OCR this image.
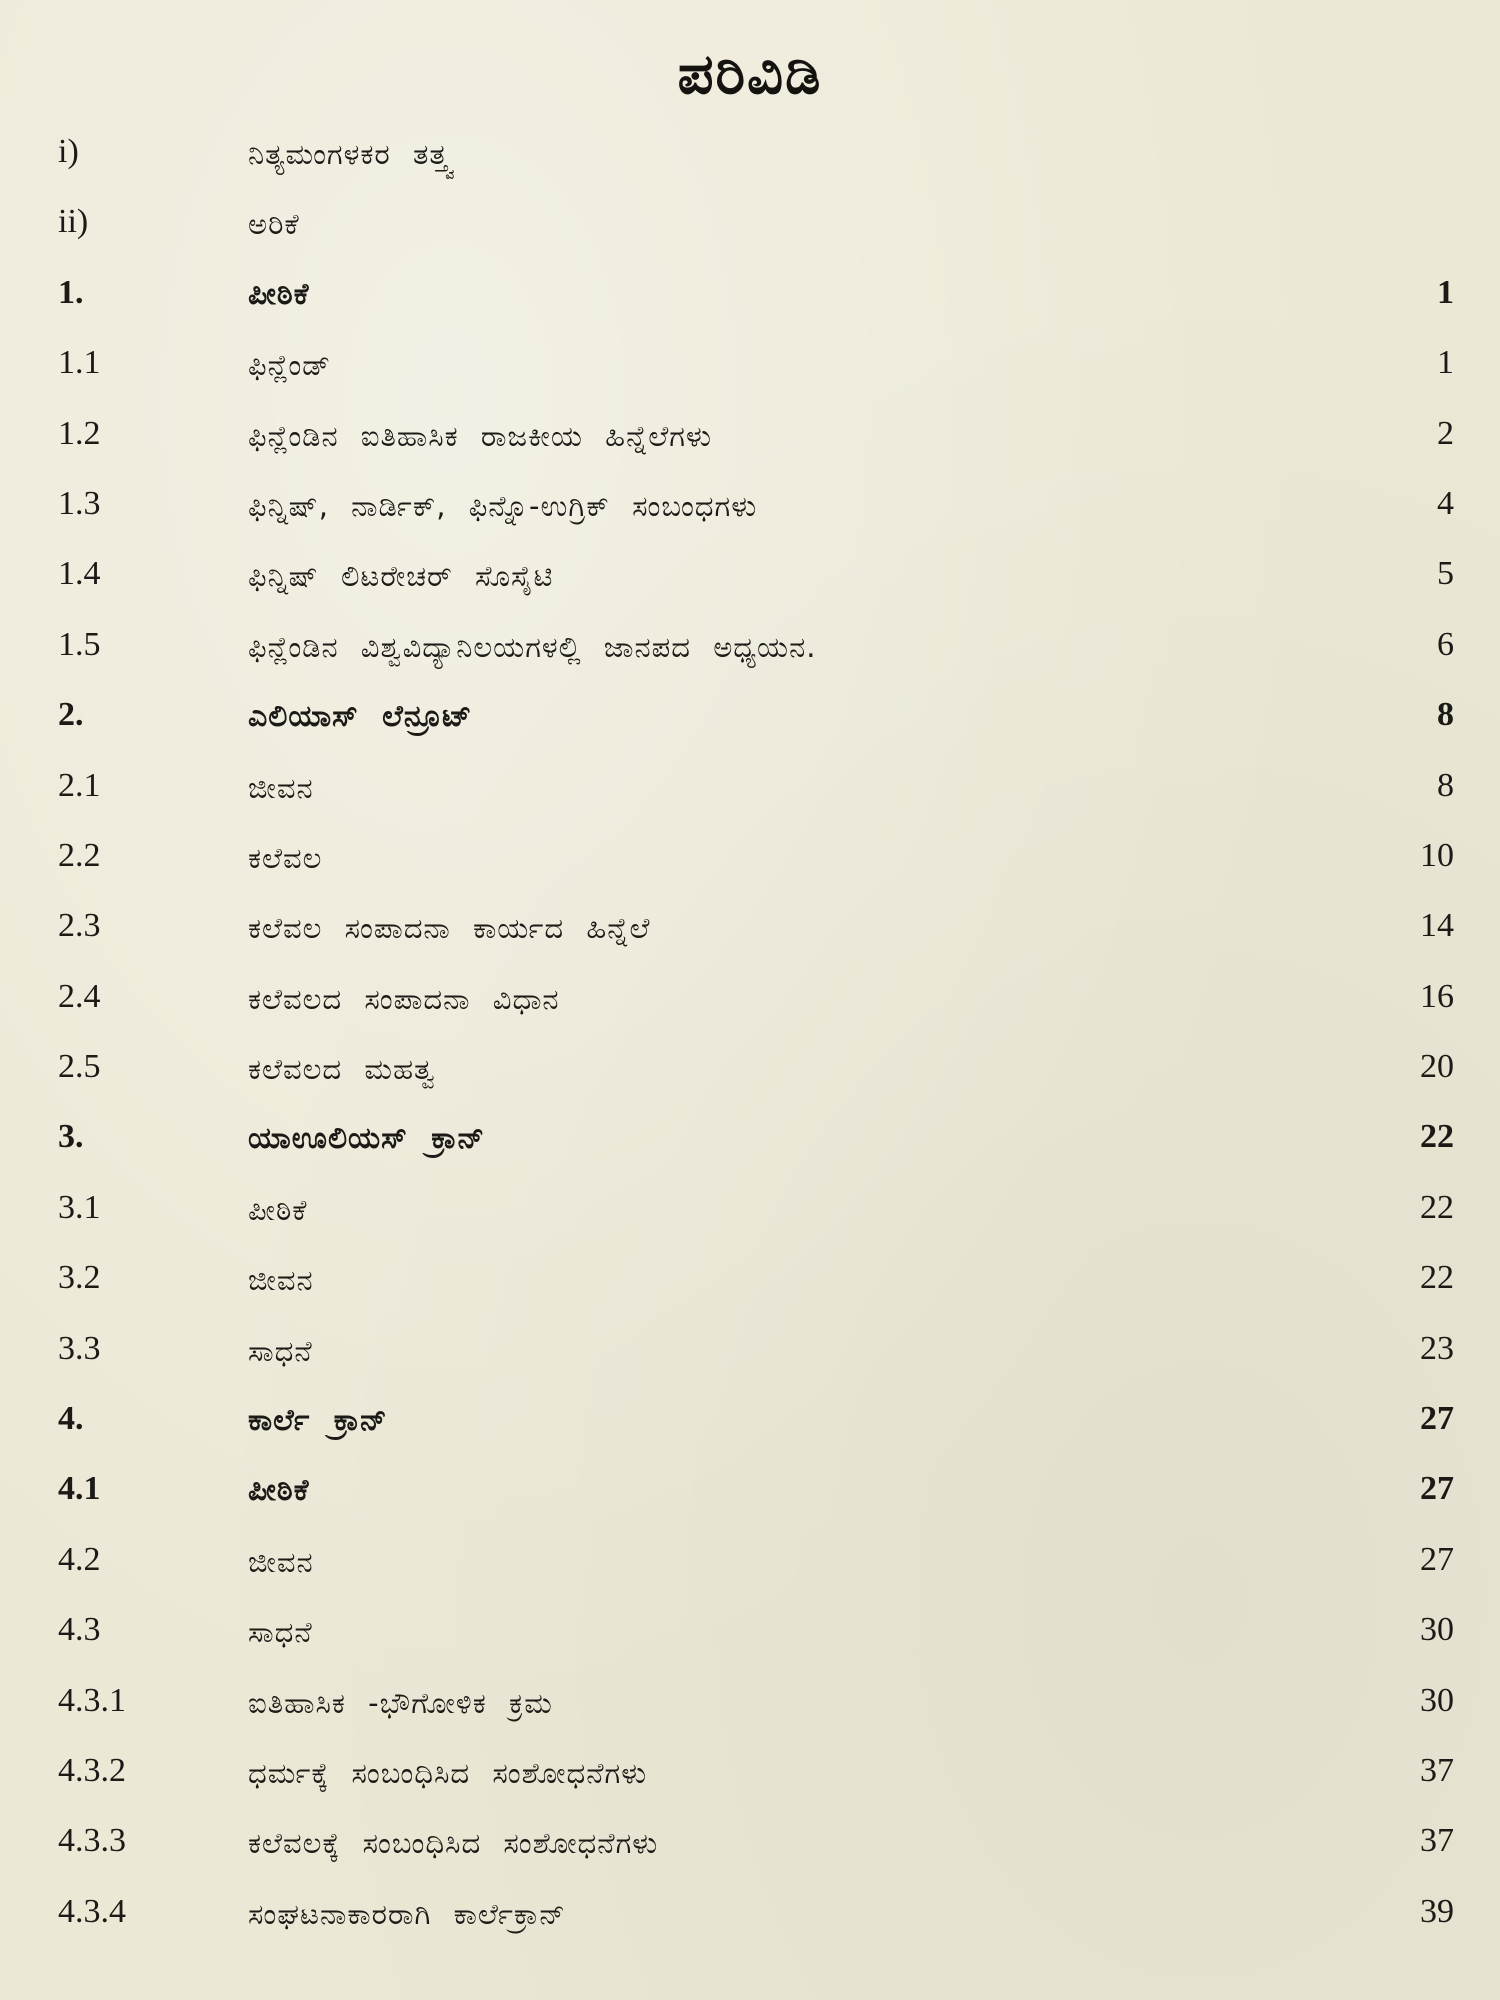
ಪರಿವಿಡಿ
i)	ನಿತ್ಯಮಂಗಳಕರ ತತ್ತ್ವ
ii)	ಅರಿಕೆ
1.	ಪೀಠಿಕೆ	1
1.1	ಫಿನ್ಲೆಂಡ್	1
1.2	ಫಿನ್ಲೆಂಡಿನ ಐತಿಹಾಸಿಕ ರಾಜಕೀಯ ಹಿನ್ನೆಲೆಗಳು	2
1.3	ಫಿನ್ನಿಷ್, ನಾರ್ಡಿಕ್, ಫಿನ್ನೊ-ಉಗ್ರಿಕ್ ಸಂಬಂಧಗಳು	4
1.4	ಫಿನ್ನಿಷ್ ಲಿಟರೇಚರ್ ಸೊಸೈಟಿ	5
1.5	ಫಿನ್ಲೆಂಡಿನ ವಿಶ್ವವಿದ್ಯಾನಿಲಯಗಳಲ್ಲಿ ಜಾನಪದ ಅಧ್ಯಯನ.	6
2.	ಎಲಿಯಾಸ್ ಲೆನ್ರೂಟ್	8
2.1	ಜೀವನ	8
2.2	ಕಲೆವಲ	10
2.3	ಕಲೆವಲ ಸಂಪಾದನಾ ಕಾರ್ಯದ ಹಿನ್ನೆಲೆ	14
2.4	ಕಲೆವಲದ ಸಂಪಾದನಾ ವಿಧಾನ	16
2.5	ಕಲೆವಲದ ಮಹತ್ವ	20
3.	ಯಾಊಲಿಯಸ್ ಕ್ರಾನ್	22
3.1	ಪೀಠಿಕೆ	22
3.2	ಜೀವನ	22
3.3	ಸಾಧನೆ	23
4.	ಕಾರ್ಲೆ ಕ್ರಾನ್	27
4.1	ಪೀಠಿಕೆ	27
4.2	ಜೀವನ	27
4.3	ಸಾಧನೆ	30
4.3.1	ಐತಿಹಾಸಿಕ -ಭೌಗೋಳಿಕ ಕ್ರಮ	30
4.3.2	ಧರ್ಮಕ್ಕೆ ಸಂಬಂಧಿಸಿದ ಸಂಶೋಧನೆಗಳು	37
4.3.3	ಕಲೆವಲಕ್ಕೆ ಸಂಬಂಧಿಸಿದ ಸಂಶೋಧನೆಗಳು	37
4.3.4	ಸಂಘಟನಾಕಾರರಾಗಿ ಕಾರ್ಲೆಕ್ರಾನ್	39
